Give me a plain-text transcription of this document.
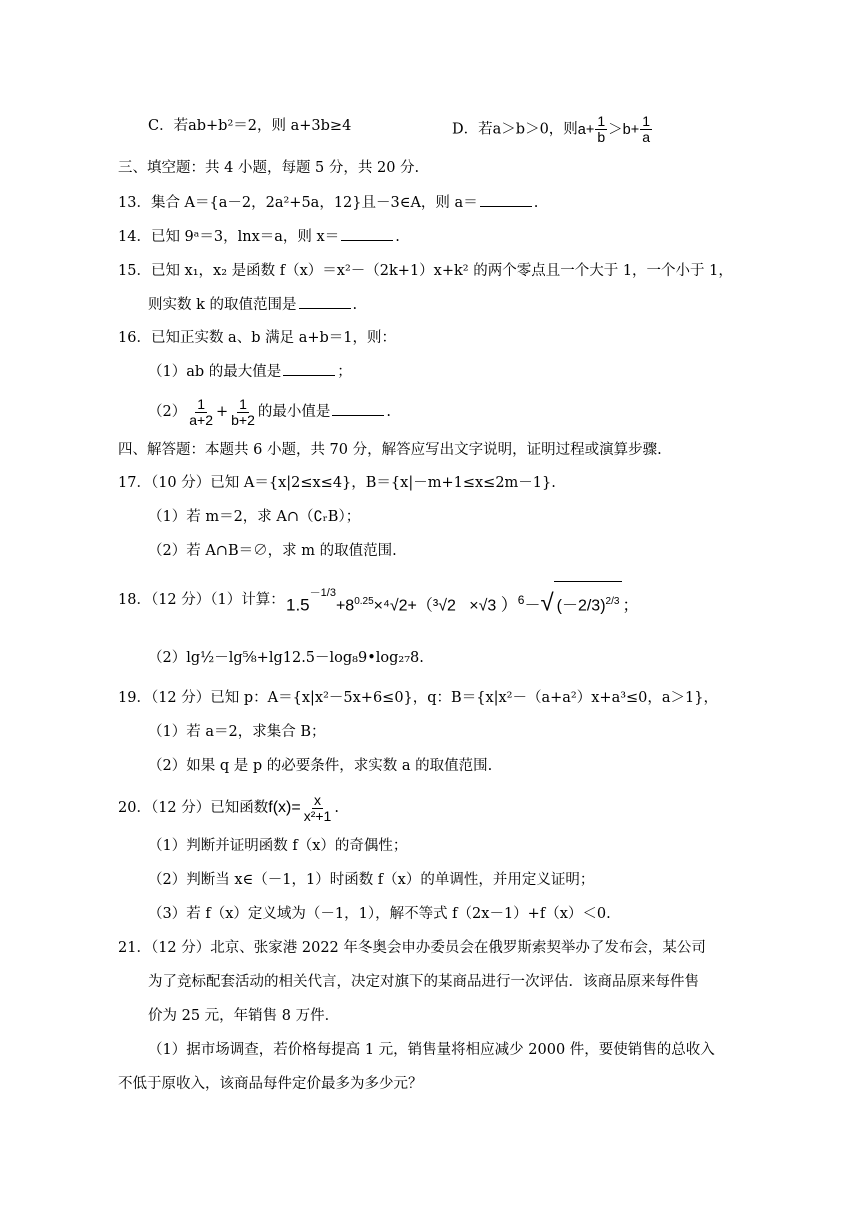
C．若ab+b²＝2，则 a+3b≥4	D．若a＞b＞0，则 $a+ \frac{1}{b} >b+ \frac{1}{a}$
三、填空题：共 4 小题，每题 5 分，共 20 分.
13．集合 A＝{a－2，2a²+5a，12}且－3∈A，则 a＝	.
14．已知 9ᵃ＝3，lnx＝a，则 x＝	.
15．已知 x₁，x₂ 是函数 f（x）＝x²－（2k+1）x+k² 的两个零点且一个大于 1，一个小于 1，
则实数 k 的取值范围是	.
16．已知正实数 a、b 满足 a+b＝1，则：
（1）ab 的最大值是	；
$(2) \frac{1}{a+2} + \frac{1}{b+2}$ 的最小值是	.
四、解答题：本题共 6 小题，共 70 分，解答应写出文字说明，证明过程或演算步骤.
17．（10 分）已知 A＝{x|2≤x≤4}，B＝{x|－m+1≤x≤2m－1}.
（1）若 m＝2，求 A∩（∁ᵣB）；
（2）若 A∩B＝∅，求 m 的取值范围.
18．（12 分）（1）计算： $1.5^{-1/3}+8^{0.25}\times^4√2+(^3√2 \times√3$ ）$^6$－√ $(-2/3)^{2/3}$ ；
（2）lg½－lg⅝+lg12.5－log₈9•log₂₇8.
19．（12 分）已知 p：A＝{x|x²－5x+6≤0}，q：B＝{x|x²－（a+a²）x+a³≤0，a＞1}，
（1）若 a＝2，求集合 B；
（2）如果 q 是 p 的必要条件，求实数 a 的取值范围.
20．（12 分）已知函数 $f(x)= \frac{x}{\text{x²+1}}$ .
（1）判断并证明函数 f（x）的奇偶性；
（2）判断当 x∈（－1，1）时函数 f（x）的单调性，并用定义证明；
（3）若 f（x）定义域为（－1，1），解不等式 f（2x－1）+f（x）＜0.
21．（12 分）北京、张家港 2022 年冬奥会申办委员会在俄罗斯索契举办了发布会，某公司
为了竞标配套活动的相关代言，决定对旗下的某商品进行一次评估．该商品原来每件售
价为 25 元，年销售 8 万件．
（1）据市场调查，若价格每提高 1 元，销售量将相应减少 2000 件，要使销售的总收入
不低于原收入，该商品每件定价最多为多少元？
